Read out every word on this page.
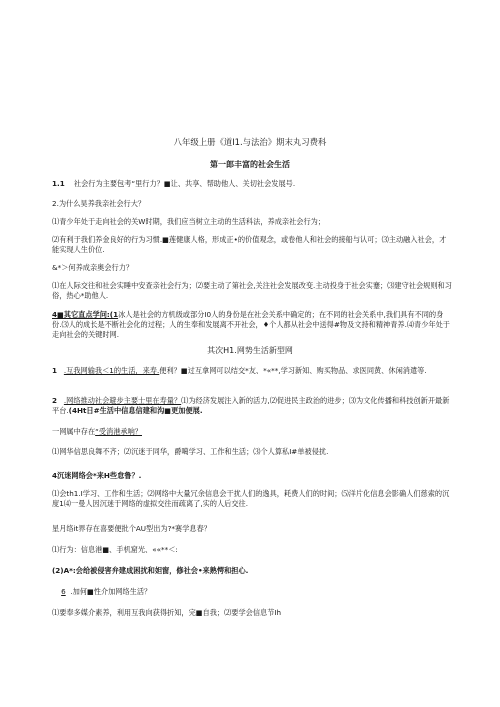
八年级上册《道I1.与法治》期末丸习费科
第一郎丰富的社会生活
1.1 社会行为主要包考“里行力？■让、共享、帮助他人、关切社会发展号.
2.为什么昊养我亲社会行大？
⑴青少年处于走向社会的关W时期，我们应当树立主动的生活科法，养成亲社会行为；
⑵有利于我们养金良好的行为习惯.■莲健康人格，形成正•的价值观念，或卷他人和社会的接船与认可；⑶主动融入社会，才能实现人生价位.
&*＞何养成亲奥会行力？
⑴在人际交往和社会实睡中安查亲社会行为；⑵要主动了第社会,关注社会发展改变.主动投身于社会实蹇；⑶建守社会规则和习俗，热心*助他人.
4■其它直点学问:(1冰人是社会的方机级或部分I0人的身份是在社会关系中确定的；在不同的社会关系中,我们具有不同的身份.⑶人的成长是不断社会化的过程；人的生奉和发展离不开社会，♦个人都从社会中送得#物及文持和精神青养.⑷青少年处于走向社会的关键时网.
其次H1.网势生活新型网
1 .互我网输我＜1的生活，来寿.便利？■过互拿网可以结交*友、*«**,学习新知、购买物品、求医同黄、休闲消遣等.
2 .网络推动社会避步主要士里在寿量？⑴为经济发展注入新的活力,⑵促进民主政治的进步；⑶为文化传播和科技创新开最新平台.(4Ht日#生活中信息信建和沟■更加便展.
一网属中存在“受消港承响？
⑴网华信思良舞不齐；⑵沉迷于同华，爵噶学习、工作和生活；⑶个人算私I#单被侵扰.
4沉迷网络会*来H些怠鲁？.
⑴会th1.I学习、工作和生活；⑵网络中大量冗余信息会干扰人们的逸具，耗费人们的时间；⑸洋片化信息会影确人们慈索的沉度1⑷一曼人因沉迷于网络的虚拟交往而疏离了,实的人后交往.
星月络it界存在喜要便批个AU型出为?*赛学息春？
⑴行为：信息港■、手机窟光、««**＜:
(2)A*:会给被侵害弁建成困扰和妲窗，修社会•来熟愕和担心.
6 .加何■性介加网络生活？
⑴要奉多媒介素养，利用互我向获得折知，完■自我；⑵要学会信息节Ih
